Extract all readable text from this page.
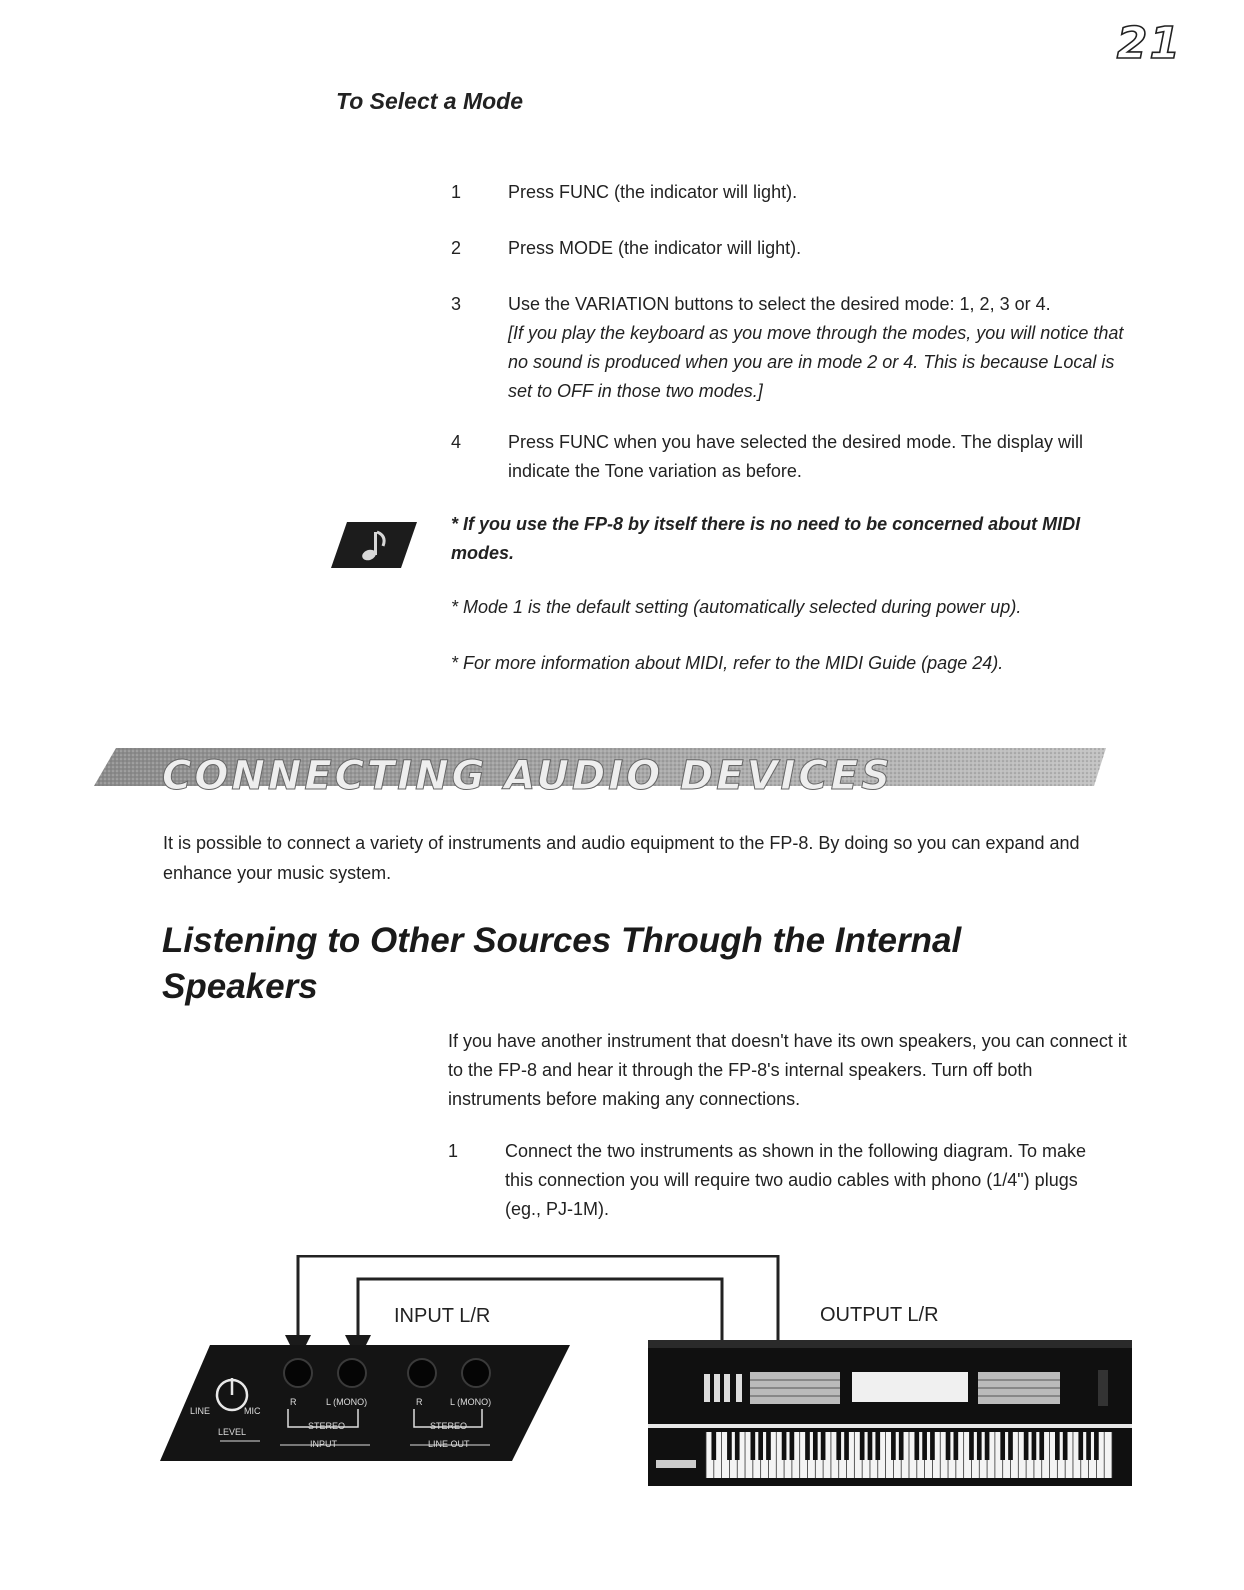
21
To Select a Mode
1	Press FUNC (the indicator will light).
2	Press MODE (the indicator will light).
3	Use the VARIATION buttons to select the desired mode: 1, 2, 3 or 4.
[If you play the keyboard as you move through the modes, you will notice that no sound is produced when you are in mode 2 or 4. This is because Local is set to OFF in those two modes.]
4	Press FUNC when you have selected the desired mode. The display will indicate the Tone variation as before.
* If you use the FP-8 by itself there is no need to be concerned about MIDI modes.
* Mode 1 is the default setting (automatically selected during power up).
* For more information about MIDI, refer to the MIDI Guide (page 24).
CONNECTING AUDIO DEVICES
It is possible to connect a variety of instruments and audio equipment to the FP-8. By doing so you can expand and enhance your music system.
Listening to Other Sources Through the Internal Speakers
If you have another instrument that doesn't have its own speakers, you can connect it to the FP-8 and hear it through the FP-8's internal speakers. Turn off both instruments before making any connections.
1	Connect the two instruments as shown in the following diagram. To make this connection you will require two audio cables with phono (1/4") plugs (eg., PJ-1M).
INPUT L/R	OUTPUT L/R
LINE	MIC
LEVEL
R	L (MONO)
STEREO
INPUT
R	L (MONO)
STEREO
LINE OUT
